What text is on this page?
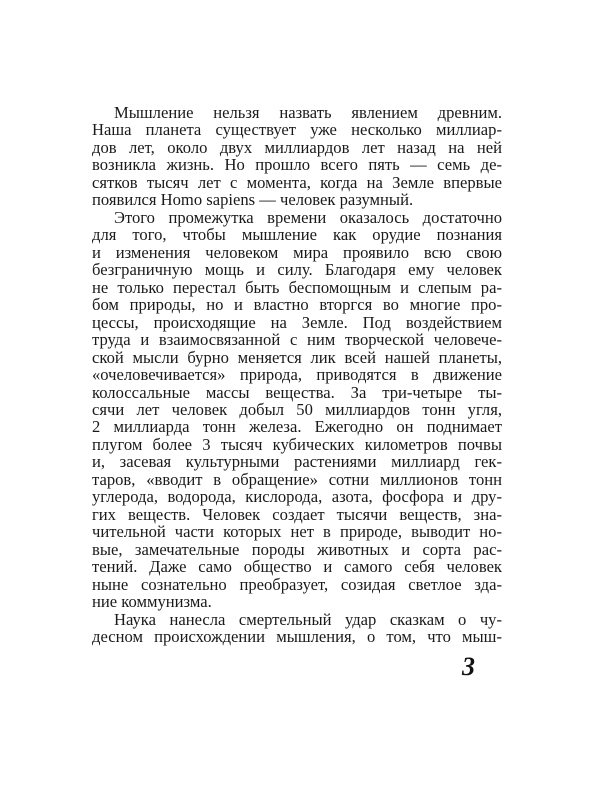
Мышление нельзя назвать явлением древним.
Наша планета существует уже несколько миллиар-
дов лет, около двух миллиардов лет назад на ней
возникла жизнь. Но прошло всего пять — семь де-
сятков тысяч лет с момента, когда на Земле впервые
появился Homo sapiens — человек разумный.
Этого промежутка времени оказалось достаточно
для того, чтобы мышление как орудие познания
и изменения человеком мира проявило всю свою
безграничную мощь и силу. Благодаря ему человек
не только перестал быть беспомощным и слепым ра-
бом природы, но и властно вторгся во многие про-
цессы, происходящие на Земле. Под воздействием
труда и взаимосвязанной с ним творческой человече-
ской мысли бурно меняется лик всей нашей планеты,
«очеловечивается» природа, приводятся в движение
колоссальные массы вещества. За три-четыре ты-
сячи лет человек добыл 50 миллиардов тонн угля,
2 миллиарда тонн железа. Ежегодно он поднимает
плугом более 3 тысяч кубических километров почвы
и, засевая культурными растениями миллиард гек-
таров, «вводит в обращение» сотни миллионов тонн
углерода, водорода, кислорода, азота, фосфора и дру-
гих веществ. Человек создает тысячи веществ, зна-
чительной части которых нет в природе, выводит но-
вые, замечательные породы животных и сорта рас-
тений. Даже само общество и самого себя человек
ныне сознательно преобразует, созидая светлое зда-
ние коммунизма.
Наука нанесла смертельный удар сказкам о чу-
десном происхождении мышления, о том, что мыш-
3
